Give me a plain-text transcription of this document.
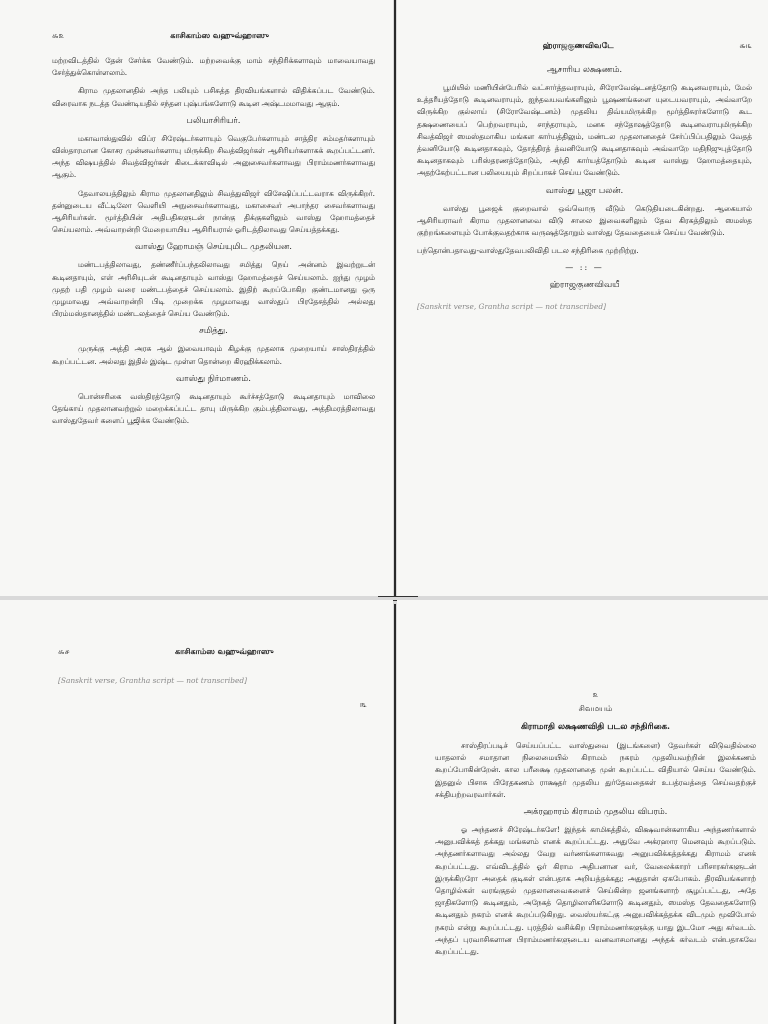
௬௨	காசிகாம்ஸ வஹுவ்ஹாஸு

மற்றவிடத்தில் தேன் சேர்க்க வேண்டும். மற்றவைக்கு மாம் சந்திரிக்களாவும் மாவையாவது சேர்த்துக்கொள்ளலாம்.

கிராம முதலானதில் அந்த பலியும் பசிசுத்த திரவியங்களால் விதிக்கப்பட வேண்டும். விரைவாக நடத்த வேண்டியதில் சந்தன புஷ்பங்களோடு கூடின அஷ்டமமாவது ஆகும்.

பலியாசிரியர்.

மகாவாஸ்துவில் விப்ர சிரேஷ்டர்களாயும் வெகுபேர்களாயும் சாத்திர சம்மதர்களாயும் விஸ்தாரமான கோசர முன்னவர்களாயு மிருக்கிற சிவத்விஜர்கள் ஆசிரியர்களாகக் கூறப்பட்டனர். அந்த விஷயத்தில் சிவத்விஜர்கள் கிடைக்காவிடில் அனுசைவர்களாவது பிராம்மணர்களாவது ஆகும்.

தேவாலயத்திலும் கிராம முதலானதிலும் சிவத்துவிஜர் விசேஷிப்பட்டவராக விருக்கிறர். தன்னுடைய வீட்டிலோ வெளியி அநுசைவர்களாவது, மகாசைவர் அபாந்தர சைவர்களாவது ஆசிரியர்கள். மூர்த்தியின் அதிபதிகளுடன் நான்கு திக்குகளிலும் வாஸ்து ஹோமத்தைச் செய்யலாம். அவ்வாறன்றி மேறையாயிய ஆசிரியரால் ஓரிடத்திலாவது செய்யத்தக்கது.

வாஸ்து ஹோமஞ் செய்யுமிட முதலியன.

மண்டபத்திலாவது, தண்ணீர்ப்பந்தலிலாவது சமித்து நெய் அன்னம் இவற்றுடன் கூடினதாயும், எள் அரிசியுடன் கூடினதாயும் வாஸ்து ஹோமத்தைச் செய்யலாம். ஐந்து முழம் முதற் பதி முழம் வரை மண்டபத்தைச் செய்யலாம். இதிற் கூறப்போகிற குண்டமானது ஒரு முழமாவது அவ்வாறன்றி பிடி முறைக்க முழமாவது வாஸ்துப் பிரதேசத்தில் அல்லது பிரம்மஸ்தானத்தில் மண்டலத்தைச் செய்ய வேண்டும்.

சமித்து.

முருக்கு அத்தி அரசு ஆல் இவையாவும் கிழக்கு முதலாக முறையாய் சாஸ்திரத்தில் கூறப்பட்டன. அல்லது இதில் இஷ்ட முள்ள தொன்றை கிரஹிக்கலாம்.

வாஸ்து நிர்மாணம்.

பொன்சரிகை வஸ்திரத்தோடு கூடினதாயும் கூர்ச்சத்தோடு கூடினதாயும் மாவிலை தேங்காய் முதலானவற்றுல் மறைக்கப்பட்ட தாயு மிருக்கிற கும்பத்திலாவது, அத்திமரத்திலாவது வாஸ்துதேவர் களைப் பூஜிக்க வேண்டும்.

ஹ்ராஜகுணவிவடே	௬௩
ஆசாரிய லக்ஷணம்.

பூமியில் மணியின்பேரில் வட்சார்த்தவராயும், சிரோவேஷ்டனத்தோடு கூடினவராயும், மேல் உத்தரீயத்தோடு கூடினவராயும், ஐந்தவயவங்களிலும் பூஷணங்களை யுடையவராயும், அவ்வாறே விருக்கிற குல்லாய் (சிரோவேஷ்டனம்) முதலிய திவ்யமிருக்கிற மூர்த்திசுரர்களோடு கூட தக்ஷணையைப் பெற்றவராயும், சாந்தராயும், மனசு சந்தோஷத்தோடு கூடினவராயுமிருக்கிற சிவத்விஜர் ஸமஸ்தமாகிய மங்கள கார்யத்திலும், மண்டல முதலானதைச் சேர்ப்பிப்பதிலும் வேதத் த்வனியோடு கூடினதாகவும், தோத்திரத் த்வனியோடு கூடினதாகவும் அவ்வாறே மதிநிஜுபுத்தோடு கூடினதாகவும் பரிஸ்தரணத்தோடும், அந்தி கார்யத்தோடும் கூடின வாஸ்து ஹோமத்தையும், அதற்கேற்பட்டான பலியையும் சிறப்பாகச் செய்ய வேண்டும்.

வாஸ்து பூஜா பலன்.

வாஸ்து பூஜைக் குறைவால் ஒவ்வொரு வீடும் கெடுதியடைகின்றது. ஆகையால் ஆசிரியராவர் கிராம முதலானவை விடு சாலை இவைகளிலும் தேவ கிரகத்திலும் ஸமஸ்த குற்றங்களையும் போக்குவதற்காக வருஷத்தோறும் வாஸ்து தேவதையைச் செய்ய வேண்டும்.

பந்தொன்பதாவது-வாஸ்துதேவபலிவிதி படல சந்திரிகை முற்றிற்று.

— :: —
ஹ்ராஜகுணவிவயீ
[Sanskrit verse, Grantha script — not transcribed]
௬௪	காசிகாம்ஸ வஹுவ்ஹாஸு
[Sanskrit verse, Grantha script — not transcribed]
௩
௨
சிவமயம்
கிராமாதி லக்ஷணவிதி படல சந்திரிகை.

சாஸ்திரப்படிச் செய்யப்பட்ட வாஸ்துவை (இடங்களை) தேவர்கள் விடுவதில்லை யாதலால் சமாதான நிலைமையில் கிராமம் நகரம் முதலியவற்றின் இலக்கணம் கூறப்போகின்றேன். கால பரீக்ஷை முதலானதை முன் கூறப்பட்ட விதியால் செய்ய வேண்டும். இதனுல் பிசாசு பிரேதகணம் ராக்ஷதர் முதலிய துர்தேவதைகள் உபத்ரவத்தை செய்வதற்குச் சக்தியற்றவரவார்கள்.

அக்ரஹாரம் கிராமம் முதலிய விபரம்.

ஓ அந்தணச் சிரேஷ்டர்களே! இந்தக் காமிகத்தில், விக்ஷவான்களாகிய அந்தணர்களால் அனுபவிக்கத் தக்கது மங்களம் எனக் கூறப்பட்டது. அதுவே அக்ரஹார மெனவும் கூறப்படும். அந்தணர்களாவது அல்லது வேறு வர்ணங்களாகவது அனுபவிக்கத்தக்கது கிராமம் எனக் கூறப்பட்டது. எவ்விடத்தில் ஓர் கிராம அதிபனான வர், வேலைக்காரர் பரிசாரகர்களுடன் இருக்கிறரோ அதைக் குடிகள் என்பதாக அறியத்தக்கது; அதுதான் ஏகபோகம். திரவியங்களாற் தொழில்கள் வரங்குதல் முதலானவைகளைச் செய்கின்ற ஜனங்களாற் சூழப்பட்டது, அதே ஜாதிகளோடு கூடினதும், அநேகத் தொழிலாளிகளோடு கூடினதும், ஸமஸ்த தேவதைகளோடு கூடினதும் நகரம் எனக் கூறப்படுகிறது. வைஸ்யர்கட்கு அனுபவிக்கத்தக்க விடமும் மூவிபோல் நகரம் என்று கூறப்பட்டது. புரத்தில் வசிக்கிற பிராம்மணர்களுக்கு யாது இடமோ அது கர்வடம். அந்தப் புரவாசிகளான பிராம்மணர்களுடைய வனவாசமானது அந்தக் கர்வடம் என்பதாகவே கூறப்பட்டது.
